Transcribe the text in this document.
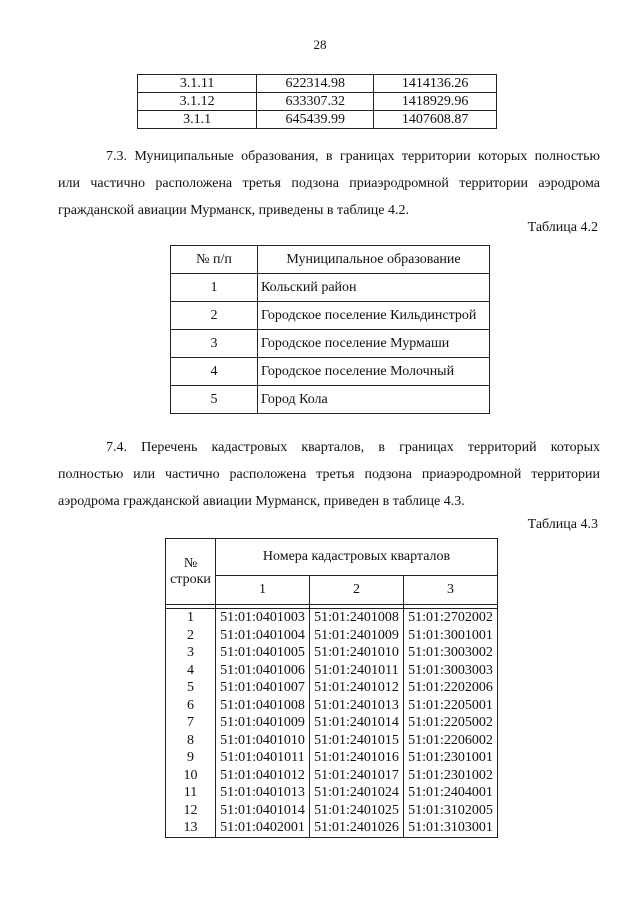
28
3.1.11	622314.98	1414136.26
3.1.12	633307.32	1418929.96
3.1.1	645439.99	1407608.87
7.3. Муниципальные образования, в границах территории которых полностью
или частично расположена третья подзона приаэродромной территории аэродрома
гражданской авиации Мурманск, приведены в таблице 4.2.
Таблица 4.2
№ п/п	Муниципальное образование
1	Кольский район
2	Городское поселение Кильдинстрой
3	Городское поселение Мурмаши
4	Городское поселение Молочный
5	Город Кола
7.4. Перечень кадастровых кварталов, в границах территорий которых
полностью или частично расположена третья подзона приаэродромной территории
аэродрома гражданской авиации Мурманск, приведен в таблице 4.3.
Таблица 4.3
№ строки	Номера кадастровых кварталов		
	1	2	3

1	51:01:0401003	51:01:2401008	51:01:2702002
2	51:01:0401004	51:01:2401009	51:01:3001001
3	51:01:0401005	51:01:2401010	51:01:3003002
4	51:01:0401006	51:01:2401011	51:01:3003003
5	51:01:0401007	51:01:2401012	51:01:2202006
6	51:01:0401008	51:01:2401013	51:01:2205001
7	51:01:0401009	51:01:2401014	51:01:2205002
8	51:01:0401010	51:01:2401015	51:01:2206002
9	51:01:0401011	51:01:2401016	51:01:2301001
10	51:01:0401012	51:01:2401017	51:01:2301002
11	51:01:0401013	51:01:2401024	51:01:2404001
12	51:01:0401014	51:01:2401025	51:01:3102005
13	51:01:0402001	51:01:2401026	51:01:3103001
